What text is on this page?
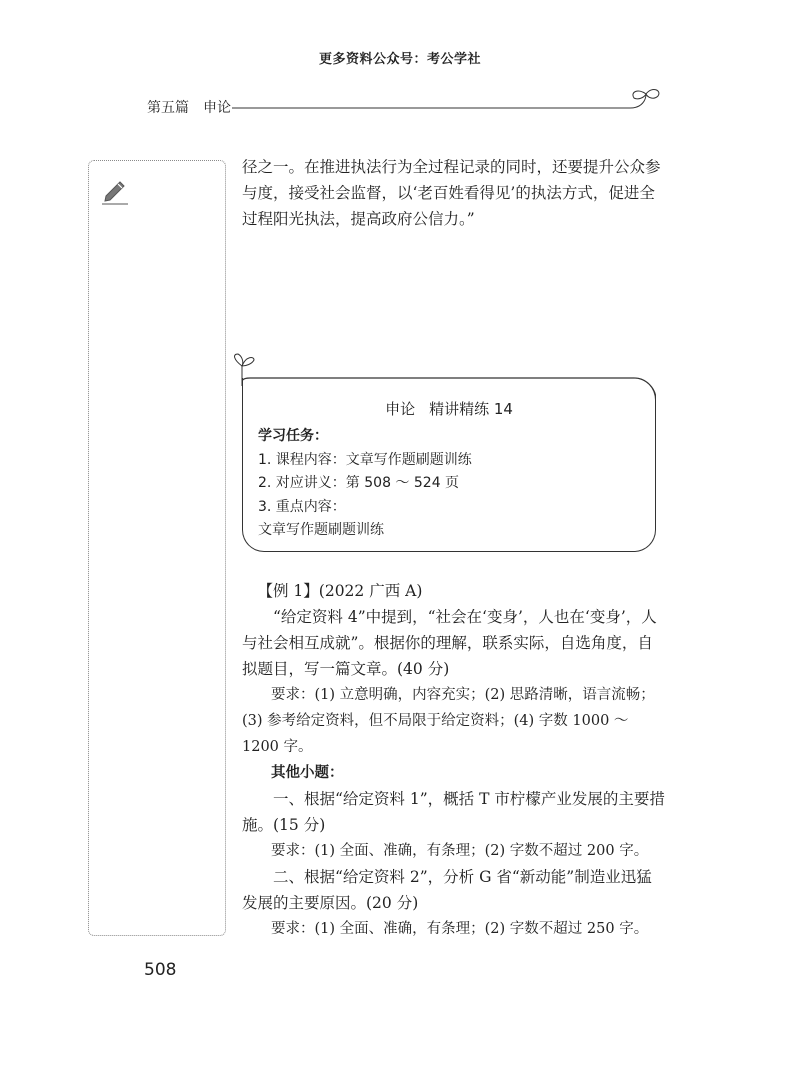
更多资料公众号：考公学社
第五篇 申论
径之一。在推进执法行为全过程记录的同时，还要提升公众参与度，接受社会监督，以‘老百姓看得见’的执法方式，促进全过程阳光执法，提高政府公信力。”
申论 精讲精练 14
学习任务：
1. 课程内容：文章写作题刷题训练
2. 对应讲义：第 508 ～ 524 页
3. 重点内容：
文章写作题刷题训练

【例 1】(2022 广西 A)

“给定资料 4”中提到，“社会在‘变身’，人也在‘变身’，人与社会相互成就”。根据你的理解，联系实际，自选角度，自拟题目，写一篇文章。(40 分)

要求：(1) 立意明确，内容充实；(2) 思路清晰，语言流畅；(3) 参考给定资料，但不局限于给定资料；(4) 字数 1000 ～ 1200 字。

其他小题：

一、根据“给定资料 1”，概括 T 市柠檬产业发展的主要措施。(15 分)

要求：(1) 全面、准确，有条理；(2) 字数不超过 200 字。

二、根据“给定资料 2”，分析 G 省“新动能”制造业迅猛发展的主要原因。(20 分)

要求：(1) 全面、准确，有条理；(2) 字数不超过 250 字。

508
